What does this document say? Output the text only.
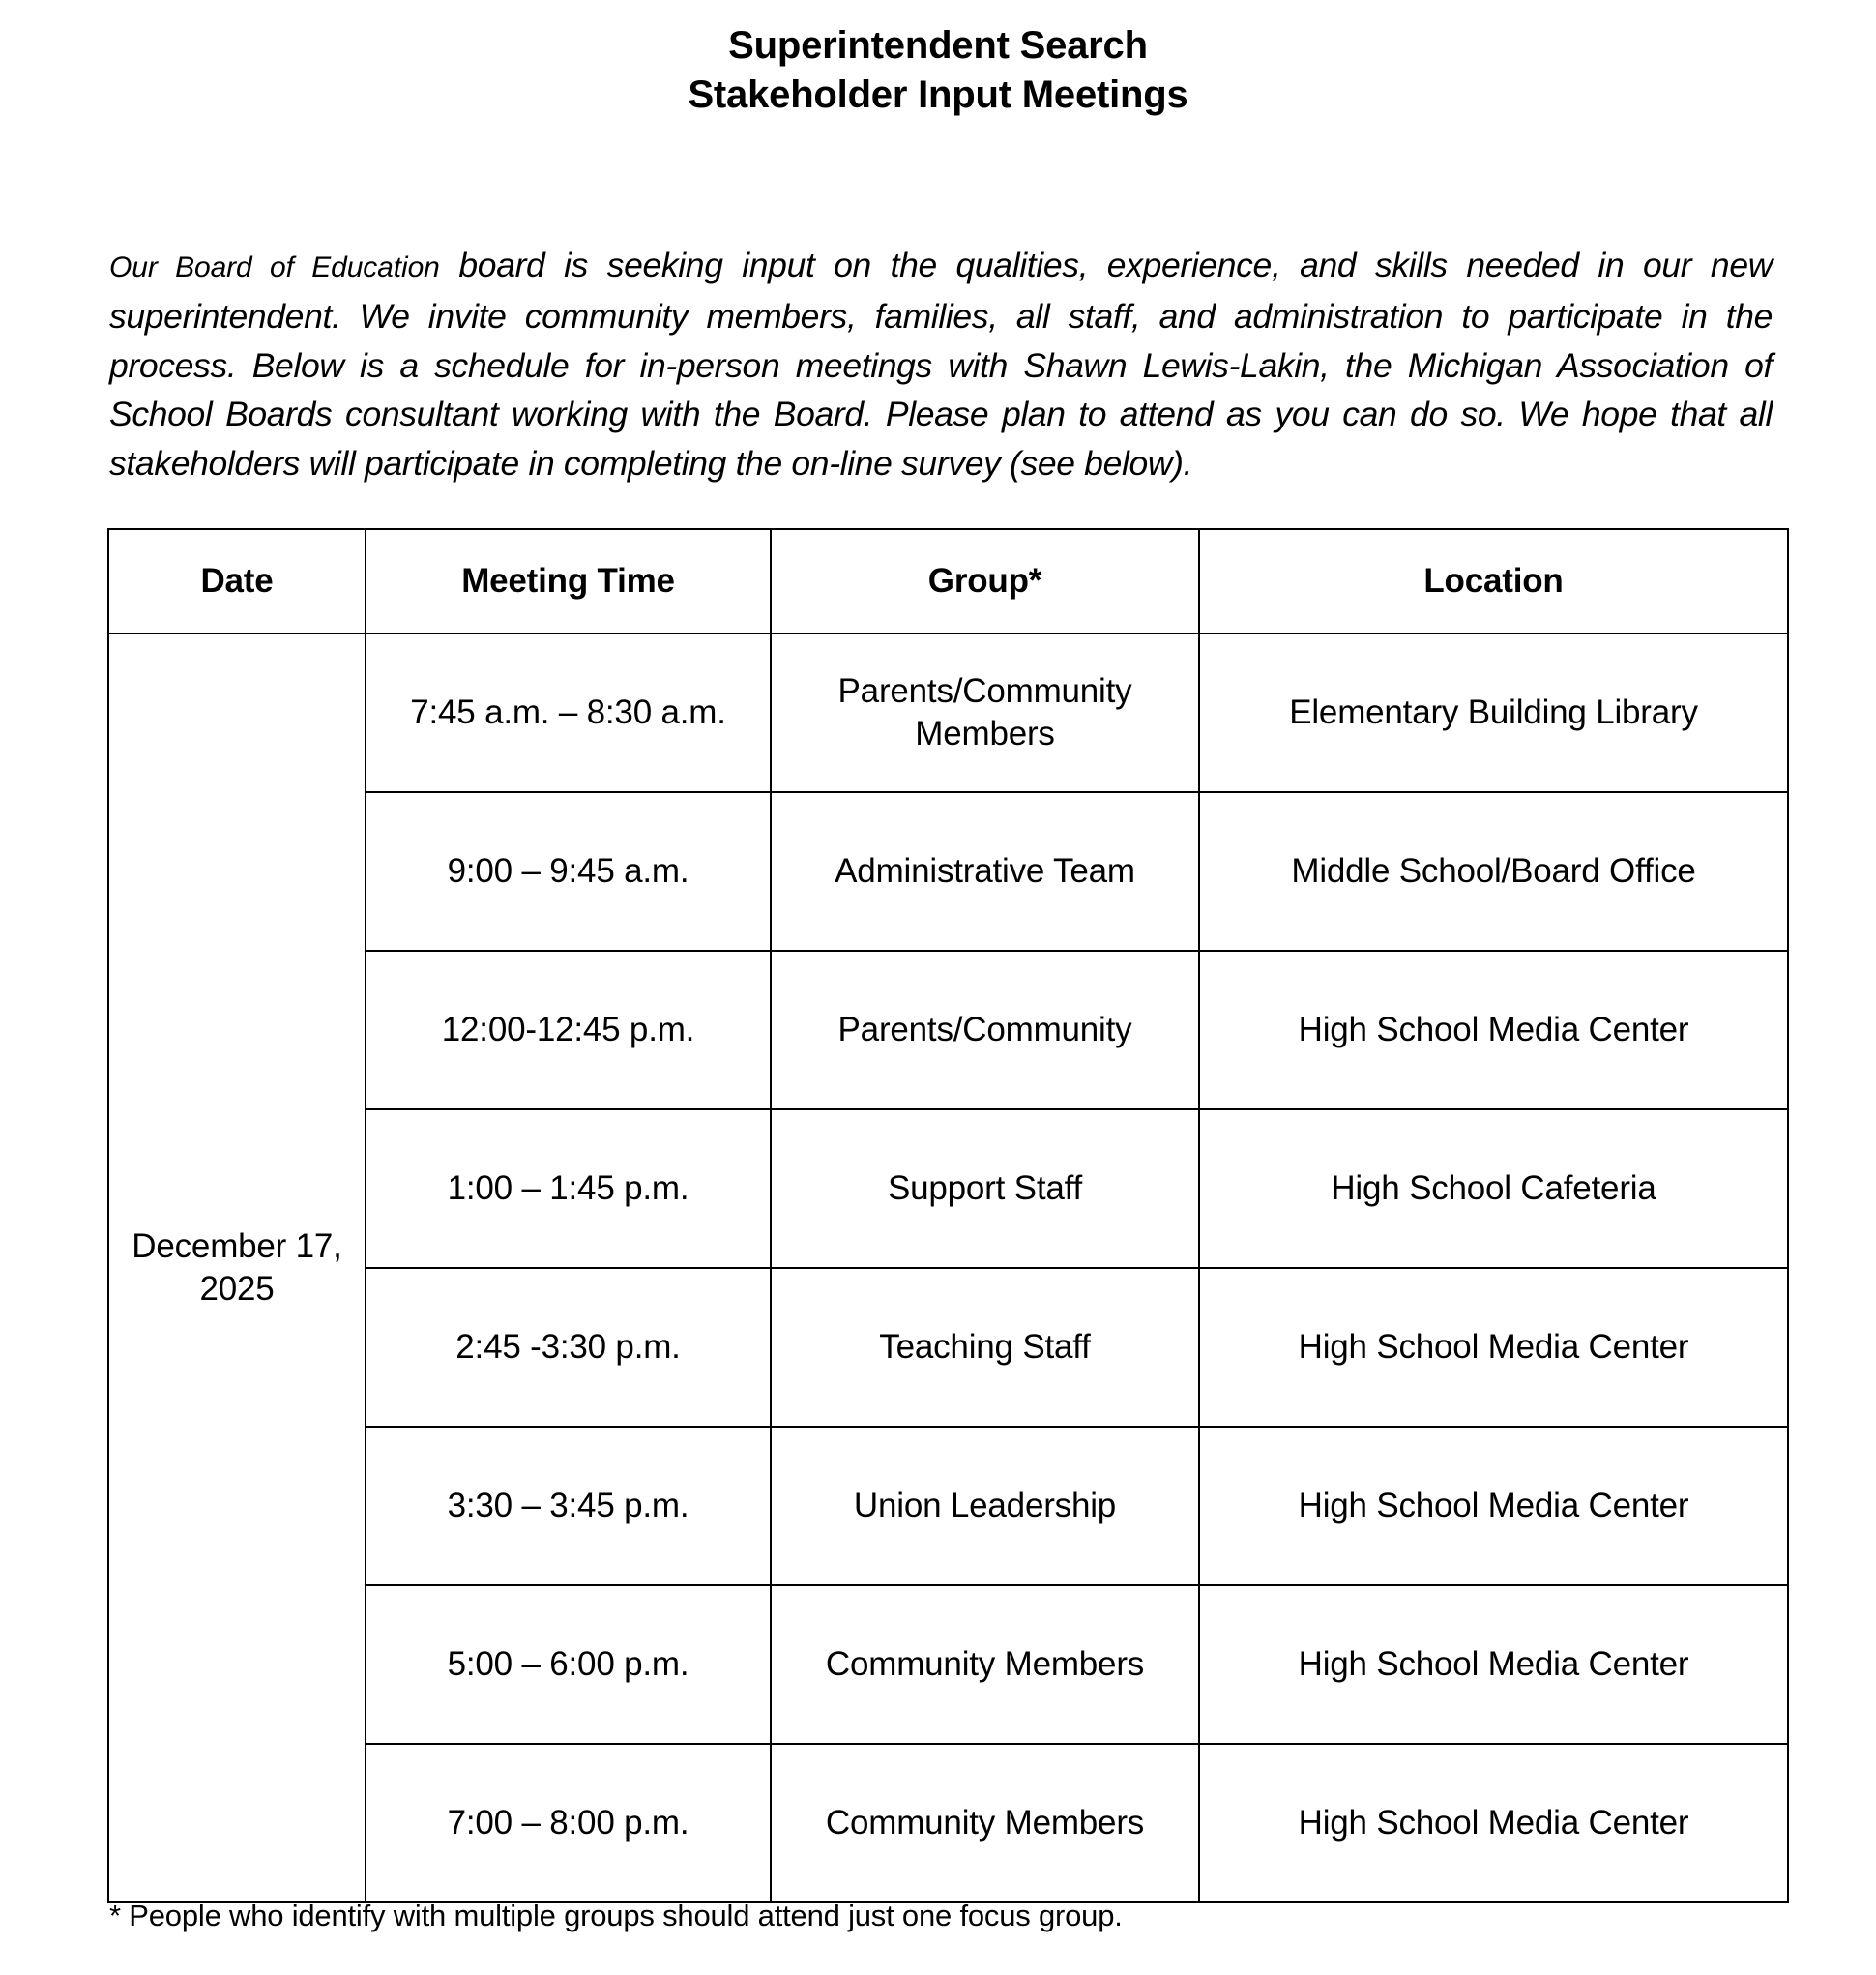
Superintendent Search
Stakeholder Input Meetings

Our Board of Education board is seeking input on the qualities, experience, and skills needed in our new superintendent. We invite community members, families, all staff, and administration to participate in the process. Below is a schedule for in-person meetings with Shawn Lewis-Lakin, the Michigan Association of School Boards consultant working with the Board. Please plan to attend as you can do so. We hope that all stakeholders will participate in completing the on-line survey (see below).

Date	Meeting Time	Group*	Location
December 17, 2025	7:45 a.m. – 8:30 a.m.	Parents/Community Members	Elementary Building Library
	9:00 – 9:45 a.m.	Administrative Team	Middle School/Board Office
	12:00-12:45 p.m.	Parents/Community	High School Media Center
	1:00 – 1:45 p.m.	Support Staff	High School Cafeteria
	2:45 -3:30 p.m.	Teaching Staff	High School Media Center
	3:30 – 3:45 p.m.	Union Leadership	High School Media Center
	5:00 – 6:00 p.m.	Community Members	High School Media Center
	7:00 – 8:00 p.m.	Community Members	High School Media Center
* People who identify with multiple groups should attend just one focus group.
